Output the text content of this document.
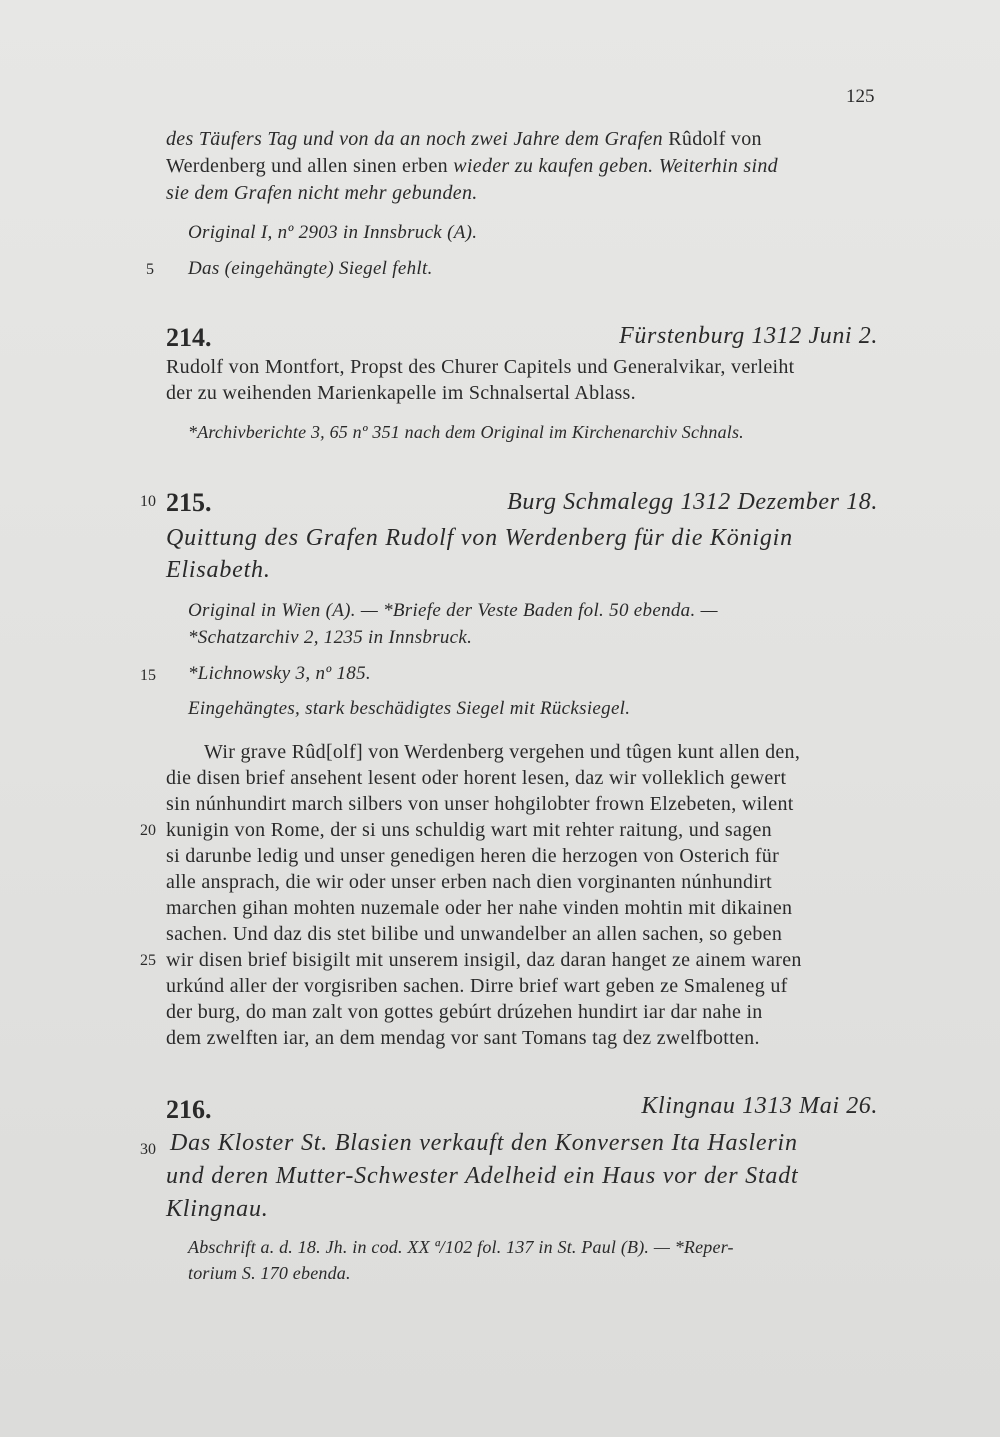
125
des Täufers Tag und von da an noch zwei Jahre dem Grafen Rûdolf von
Werdenberg und allen sinen erben wieder zu kaufen geben. Weiterhin sind
sie dem Grafen nicht mehr gebunden.
Original I, nº 2903 in Innsbruck (A).
5 Das (eingehängte) Siegel fehlt.
214.	Fürstenburg 1312 Juni 2.
Rudolf von Montfort, Propst des Churer Capitels und Generalvikar, verleiht
der zu weihenden Marienkapelle im Schnalsertal Ablass.
*Archivberichte 3, 65 nº 351 nach dem Original im Kirchenarchiv Schnals.
10 215.	Burg Schmalegg 1312 Dezember 18.
Quittung des Grafen Rudolf von Werdenberg für die Königin
Elisabeth.
Original in Wien (A). — *Briefe der Veste Baden fol. 50 ebenda. —
*Schatzarchiv 2, 1235 in Innsbruck.
15 *Lichnowsky 3, nº 185.
Eingehängtes, stark beschädigtes Siegel mit Rücksiegel.
Wir grave Rûd[olf] von Werdenberg vergehen und tûgen kunt allen den,
die disen brief ansehent lesent oder horent lesen, daz wir volleklich gewert
sin núnhundirt march silbers von unser hohgilobter frown Elzebeten, wilent
20 kunigin von Rome, der si uns schuldig wart mit rehter raitung, und sagen
si darunbe ledig und unser genedigen heren die herzogen von Osterich für
alle ansprach, die wir oder unser erben nach dien vorginanten núnhundirt
marchen gihan mohten nuzemale oder her nahe vinden mohtin mit dikainen
sachen. Und daz dis stet bilibe und unwandelber an allen sachen, so geben
25 wir disen brief bisigilt mit unserem insigil, daz daran hanget ze ainem waren
urkúnd aller der vorgisriben sachen. Dirre brief wart geben ze Smaleneg uf
der burg, do man zalt von gottes gebúrt drúzehen hundirt iar dar nahe in
dem zwelften iar, an dem mendag vor sant Tomans tag dez zwelfbotten.
216.	Klingnau 1313 Mai 26.
30 Das Kloster St. Blasien verkauft den Konversen Ita Haslerin
und deren Mutter-Schwester Adelheid ein Haus vor der Stadt
Klingnau.
Abschrift a. d. 18. Jh. in cod. XX ª/102 fol. 137 in St. Paul (B). — *Reper-
torium S. 170 ebenda.
